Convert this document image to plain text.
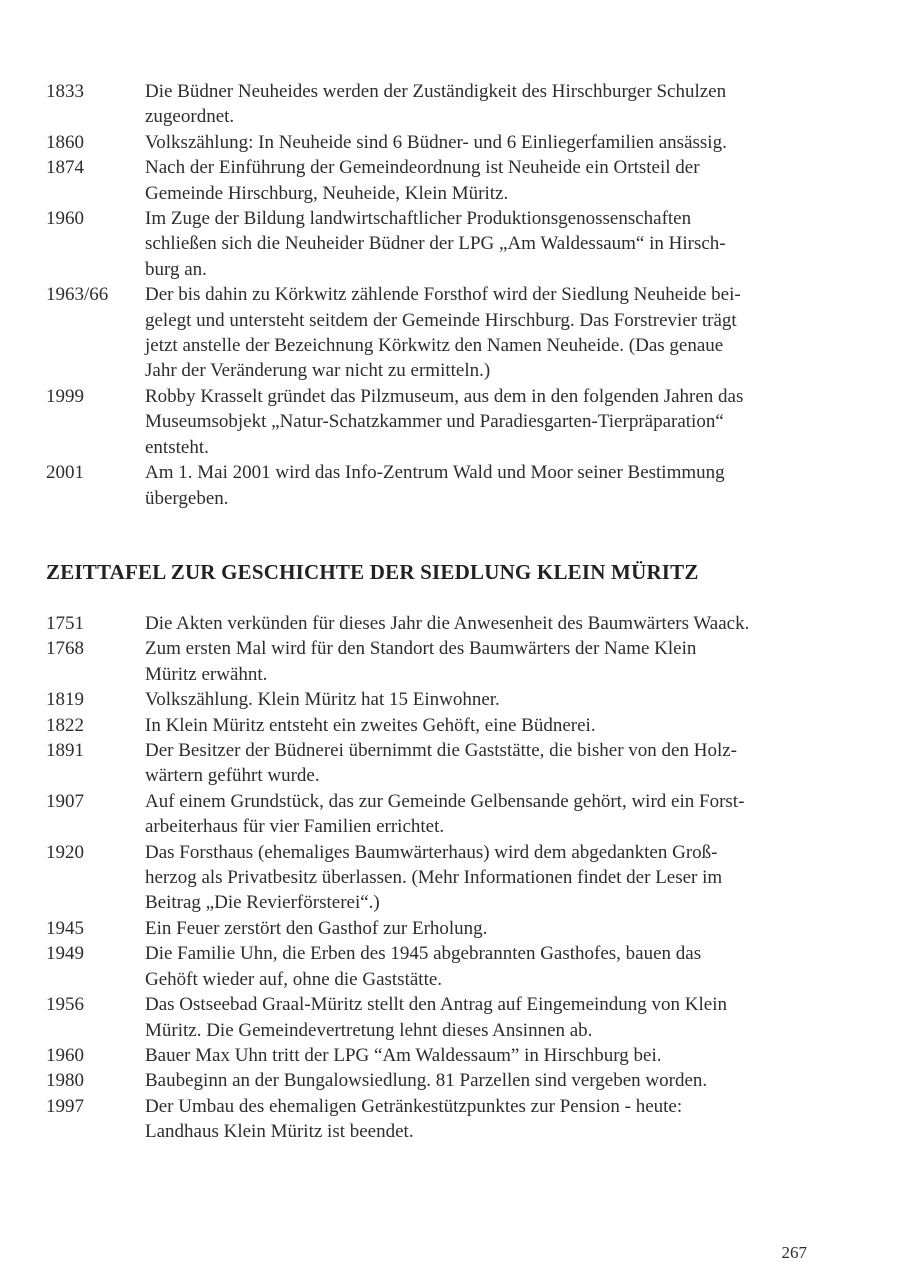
1833	Die Büdner Neuheides werden der Zuständigkeit des Hirschburger Schulzen
zugeordnet.
1860	Volkszählung: In Neuheide sind 6 Büdner- und 6 Einliegerfamilien ansässig.
1874	Nach der Einführung der Gemeindeordnung ist Neuheide ein Ortsteil der
Gemeinde Hirschburg, Neuheide, Klein Müritz.
1960	Im Zuge der Bildung landwirtschaftlicher Produktionsgenossenschaften
schließen sich die Neuheider Büdner der LPG „Am Waldessaum“ in Hirsch-
burg an.
1963/66	Der bis dahin zu Körkwitz zählende Forsthof wird der Siedlung Neuheide bei-
gelegt und untersteht seitdem der Gemeinde Hirschburg. Das Forstrevier trägt
jetzt anstelle der Bezeichnung Körkwitz den Namen Neuheide. (Das genaue
Jahr der Veränderung war nicht zu ermitteln.)
1999	Robby Krasselt gründet das Pilzmuseum, aus dem in den folgenden Jahren das
Museumsobjekt „Natur-Schatzkammer und Paradiesgarten-Tierpräparation“
entsteht.
2001	Am 1. Mai 2001 wird das Info-Zentrum Wald und Moor seiner Bestimmung
übergeben.
ZEITTAFEL ZUR GESCHICHTE DER SIEDLUNG KLEIN MÜRITZ
1751	Die Akten verkünden für dieses Jahr die Anwesenheit des Baumwärters Waack.
1768	Zum ersten Mal wird für den Standort des Baumwärters der Name Klein
Müritz erwähnt.
1819	Volkszählung. Klein Müritz hat 15 Einwohner.
1822	In Klein Müritz entsteht ein zweites Gehöft, eine Büdnerei.
1891	Der Besitzer der Büdnerei übernimmt die Gaststätte, die bisher von den Holz-
wärtern geführt wurde.
1907	Auf einem Grundstück, das zur Gemeinde Gelbensande gehört, wird ein Forst-
arbeiterhaus für vier Familien errichtet.
1920	Das Forsthaus (ehemaliges Baumwärterhaus) wird dem abgedankten Groß-
herzog als Privatbesitz überlassen. (Mehr Informationen findet der Leser im
Beitrag „Die Revierförsterei“.)
1945	Ein Feuer zerstört den Gasthof zur Erholung.
1949	Die Familie Uhn, die Erben des 1945 abgebrannten Gasthofes, bauen das
Gehöft wieder auf, ohne die Gaststätte.
1956	Das Ostseebad Graal-Müritz stellt den Antrag auf Eingemeindung von Klein
Müritz. Die Gemeindevertretung lehnt dieses Ansinnen ab.
1960	Bauer Max Uhn tritt der LPG “Am Waldessaum” in Hirschburg bei.
1980	Baubeginn an der Bungalowsiedlung. 81 Parzellen sind vergeben worden.
1997	Der Umbau des ehemaligen Getränkestützpunktes zur Pension - heute:
Landhaus Klein Müritz ist beendet.
267
